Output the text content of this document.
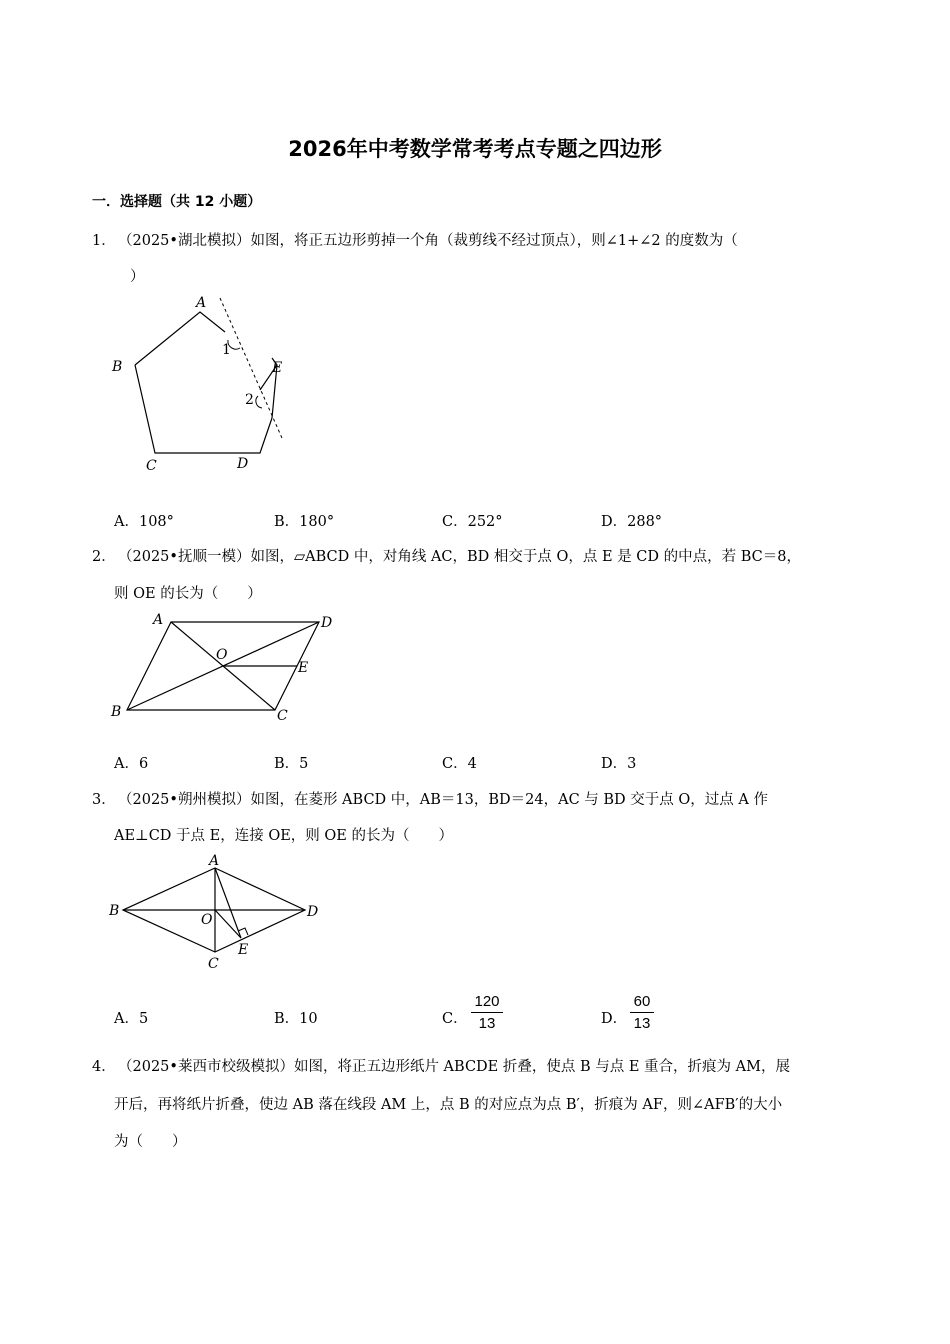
2026年中考数学常考考点专题之四边形
一．选择题（共 12 小题）
1． （2025•湖北模拟）如图，将正五边形剪掉一个角（裁剪线不经过顶点），则∠1+∠2 的度数为（
）
A
B
C	D
E
1
2
A．108°	B．180°	C．252°	D．288°
2． （2025•抚顺一模）如图，▱ABCD 中，对角线 AC，BD 相交于点 O，点 E 是 CD 的中点，若 BC＝8，
则 OE 的长为（　　）
A	D
O
E
B	C
A．6	B．5	C．4	D．3
3． （2025•朔州模拟）如图，在菱形 ABCD 中，AB＝13，BD＝24，AC 与 BD 交于点 O，过点 A 作
AE⊥CD 于点 E，连接 OE，则 OE 的长为（　　）
A
B	D
O
E
C
A．5	B．10	C．
120
13	D．
60
13
4． （2025•莱西市校级模拟）如图，将正五边形纸片 ABCDE 折叠，使点 B 与点 E 重合，折痕为 AM，展
开后，再将纸片折叠，使边 AB 落在线段 AM 上，点 B 的对应点为点 B′，折痕为 AF，则∠AFB′的大小
为（　　）
